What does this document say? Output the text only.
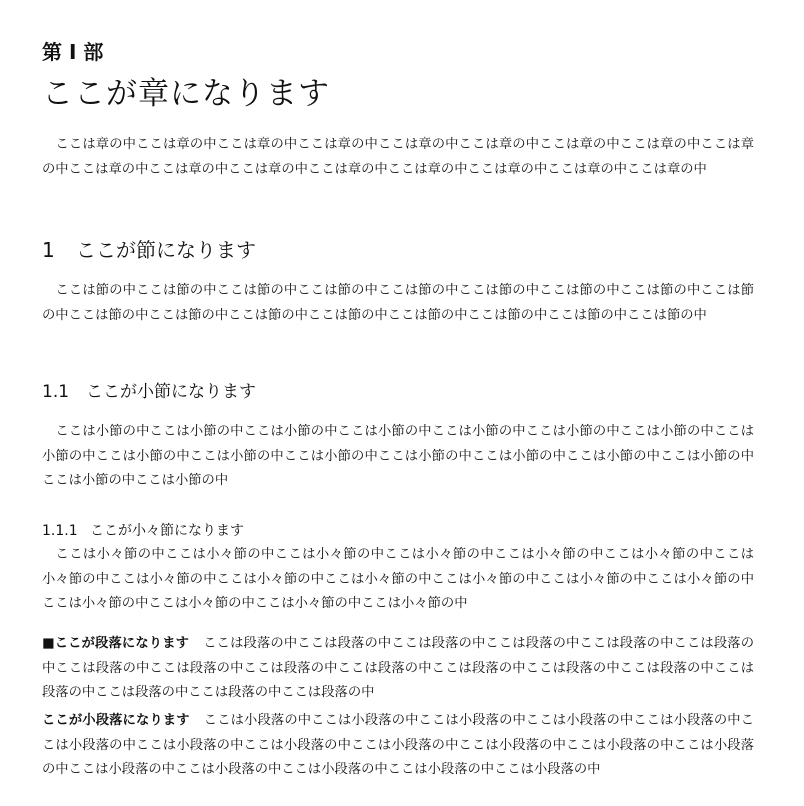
第 I 部
ここが章になります
ここは章の中ここは章の中ここは章の中ここは章の中ここは章の中ここは章の中ここは章の中ここは章の中ここは章の中ここは章の中ここは章の中ここは章の中ここは章の中ここは章の中ここは章の中ここは章の中ここは章の中
1 ここが節になります
ここは節の中ここは節の中ここは節の中ここは節の中ここは節の中ここは節の中ここは節の中ここは節の中ここは節の中ここは節の中ここは節の中ここは節の中ここは節の中ここは節の中ここは節の中ここは節の中ここは節の中
1.1 ここが小節になります
ここは小節の中ここは小節の中ここは小節の中ここは小節の中ここは小節の中ここは小節の中ここは小節の中ここは小節の中ここは小節の中ここは小節の中ここは小節の中ここは小節の中ここは小節の中ここは小節の中ここは小節の中ここは小節の中ここは小節の中
1.1.1 ここが小々節になります
ここは小々節の中ここは小々節の中ここは小々節の中ここは小々節の中ここは小々節の中ここは小々節の中ここは小々節の中ここは小々節の中ここは小々節の中ここは小々節の中ここは小々節の中ここは小々節の中ここは小々節の中ここは小々節の中ここは小々節の中ここは小々節の中ここは小々節の中
■ここが段落になります ここは段落の中ここは段落の中ここは段落の中ここは段落の中ここは段落の中ここは段落の中ここは段落の中ここは段落の中ここは段落の中ここは段落の中ここは段落の中ここは段落の中ここは段落の中ここは段落の中ここは段落の中ここは段落の中ここは段落の中
ここが小段落になります ここは小段落の中ここは小段落の中ここは小段落の中ここは小段落の中ここは小段落の中ここは小段落の中ここは小段落の中ここは小段落の中ここは小段落の中ここは小段落の中ここは小段落の中ここは小段落の中ここは小段落の中ここは小段落の中ここは小段落の中ここは小段落の中ここは小段落の中
